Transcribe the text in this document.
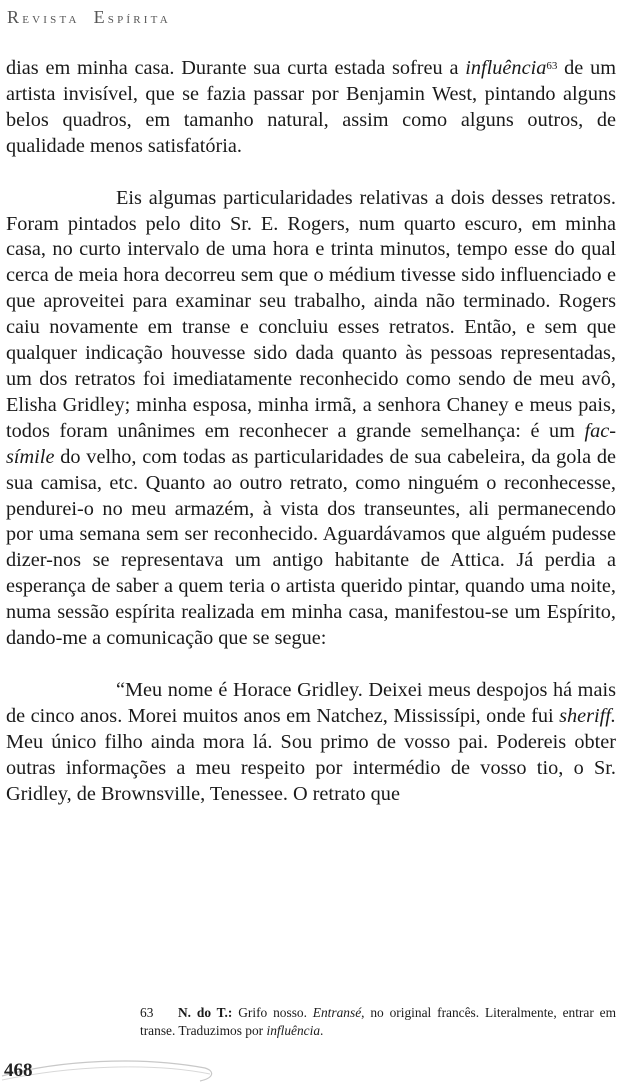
Revista Espírita

dias em minha casa. Durante sua curta estada sofreu a influência$^{63}$ de um artista invisível, que se fazia passar por Benjamin West, pintando alguns belos quadros, em tamanho natural, assim como alguns outros, de qualidade menos satisfatória.

Eis algumas particularidades relativas a dois desses retratos. Foram pintados pelo dito Sr. E. Rogers, num quarto escuro, em minha casa, no curto intervalo de uma hora e trinta minutos, tempo esse do qual cerca de meia hora decorreu sem que o médium tivesse sido influenciado e que aproveitei para examinar seu trabalho, ainda não terminado. Rogers caiu novamente em transe e concluiu esses retratos. Então, e sem que qualquer indicação houvesse sido dada quanto às pessoas representadas, um dos retratos foi imediatamente reconhecido como sendo de meu avô, Elisha Gridley; minha esposa, minha irmã, a senhora Chaney e meus pais, todos foram unânimes em reconhecer a grande semelhança: é um fac-símile do velho, com todas as particularidades de sua cabeleira, da gola de sua camisa, etc. Quanto ao outro retrato, como ninguém o reconhecesse, pendurei-o no meu armazém, à vista dos transeuntes, ali permanecendo por uma semana sem ser reconhecido. Aguardávamos que alguém pudesse dizer-nos se representava um antigo habitante de Attica. Já perdia a esperança de saber a quem teria o artista querido pintar, quando uma noite, numa sessão espírita realizada em minha casa, manifestou-se um Espírito, dando-me a comunicação que se segue:

“Meu nome é Horace Gridley. Deixei meus despojos há mais de cinco anos. Morei muitos anos em Natchez, Mississípi, onde fui sheriff. Meu único filho ainda mora lá. Sou primo de vosso pai. Podereis obter outras informações a meu respeito por intermédio de vosso tio, o Sr. Gridley, de Brownsville, Tenessee. O retrato que

63 N. do T.: Grifo nosso. Entransé, no original francês. Literalmente, entrar em transe. Traduzimos por influência.
468
